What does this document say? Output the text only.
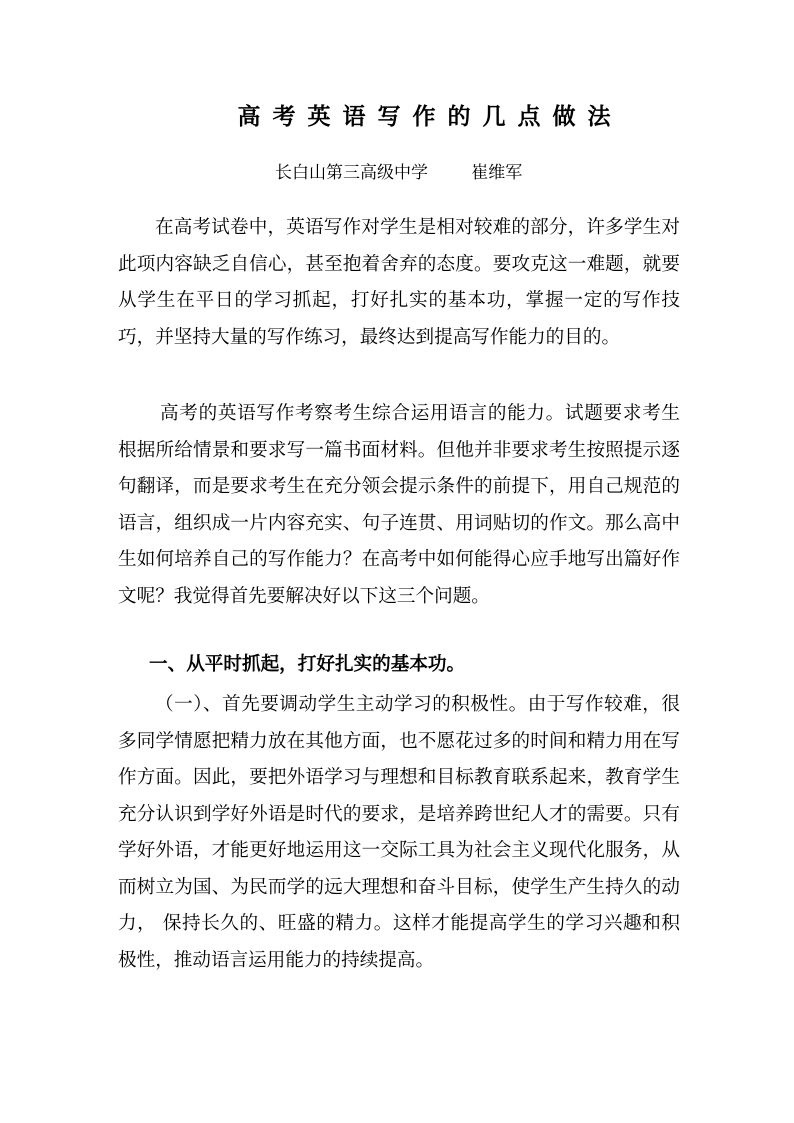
高 考 英 语 写 作 的 几 点 做 法

长白山第三高级中学        崔维军

在高考试卷中，英语写作对学生是相对较难的部分，许多学生对此项内容缺乏自信心，甚至抱着舍弃的态度。要攻克这一难题，就要从学生在平日的学习抓起，打好扎实的基本功，掌握一定的写作技巧，并坚持大量的写作练习，最终达到提高写作能力的目的。

高考的英语写作考察考生综合运用语言的能力。试题要求考生根据所给情景和要求写一篇书面材料。但他并非要求考生按照提示逐句翻译，而是要求考生在充分领会提示条件的前提下，用自己规范的语言，组织成一片内容充实、句子连贯、用词贴切的作文。那么高中生如何培养自己的写作能力？在高考中如何能得心应手地写出篇好作文呢？我觉得首先要解决好以下这三个问题。

一、从平时抓起，打好扎实的基本功。

（一）、首先要调动学生主动学习的积极性。由于写作较难，很多同学情愿把精力放在其他方面，也不愿花过多的时间和精力用在写作方面。因此，要把外语学习与理想和目标教育联系起来，教育学生充分认识到学好外语是时代的要求，是培养跨世纪人才的需要。只有学好外语，才能更好地运用这一交际工具为社会主义现代化服务，从而树立为国、为民而学的远大理想和奋斗目标，使学生产生持久的动力， 保持长久的、旺盛的精力。这样才能提高学生的学习兴趣和积极性，推动语言运用能力的持续提高。
